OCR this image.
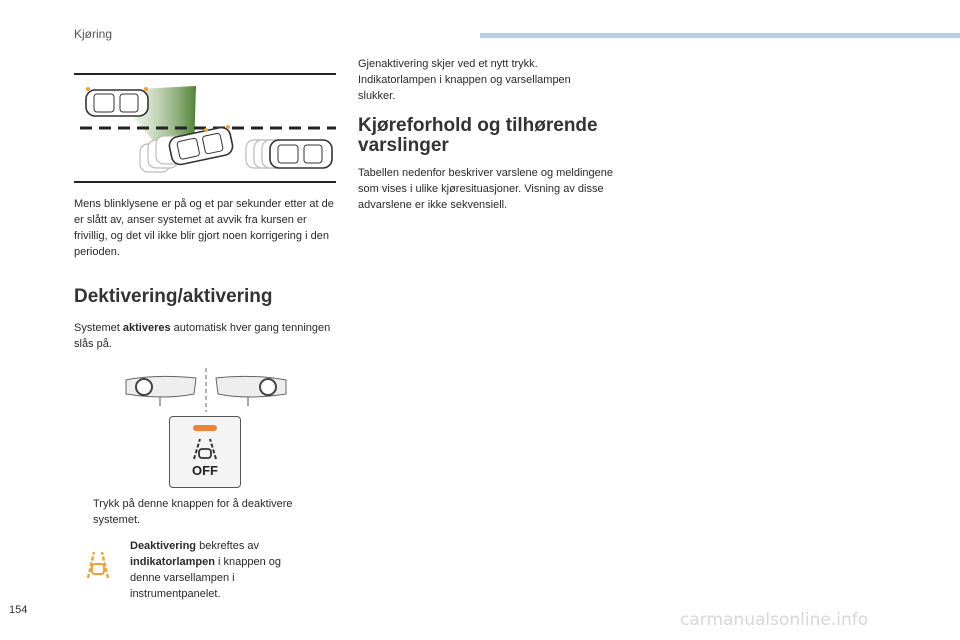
Kjøring
Mens blinklysene er på og et par sekunder etter at de er slått av, anser systemet at avvik fra kursen er frivillig, og det vil ikke blir gjort noen korrigering i den perioden.
Dektivering/aktivering
Systemet aktiveres automatisk hver gang tenningen slås på.
OFF
Trykk på denne knappen for å deaktivere systemet.
Deaktivering bekreftes av indikatorlampen i knappen og denne varsellampen i instrumentpanelet.
Gjenaktivering skjer ved et nytt trykk. Indikatorlampen i knappen og varsellampen slukker.
Kjøreforhold og tilhørende varslinger
Tabellen nedenfor beskriver varslene og meldingene som vises i ulike kjøresituasjoner. Visning av disse advarslene er ikke sekvensiell.
154	carmanualsonline.info
